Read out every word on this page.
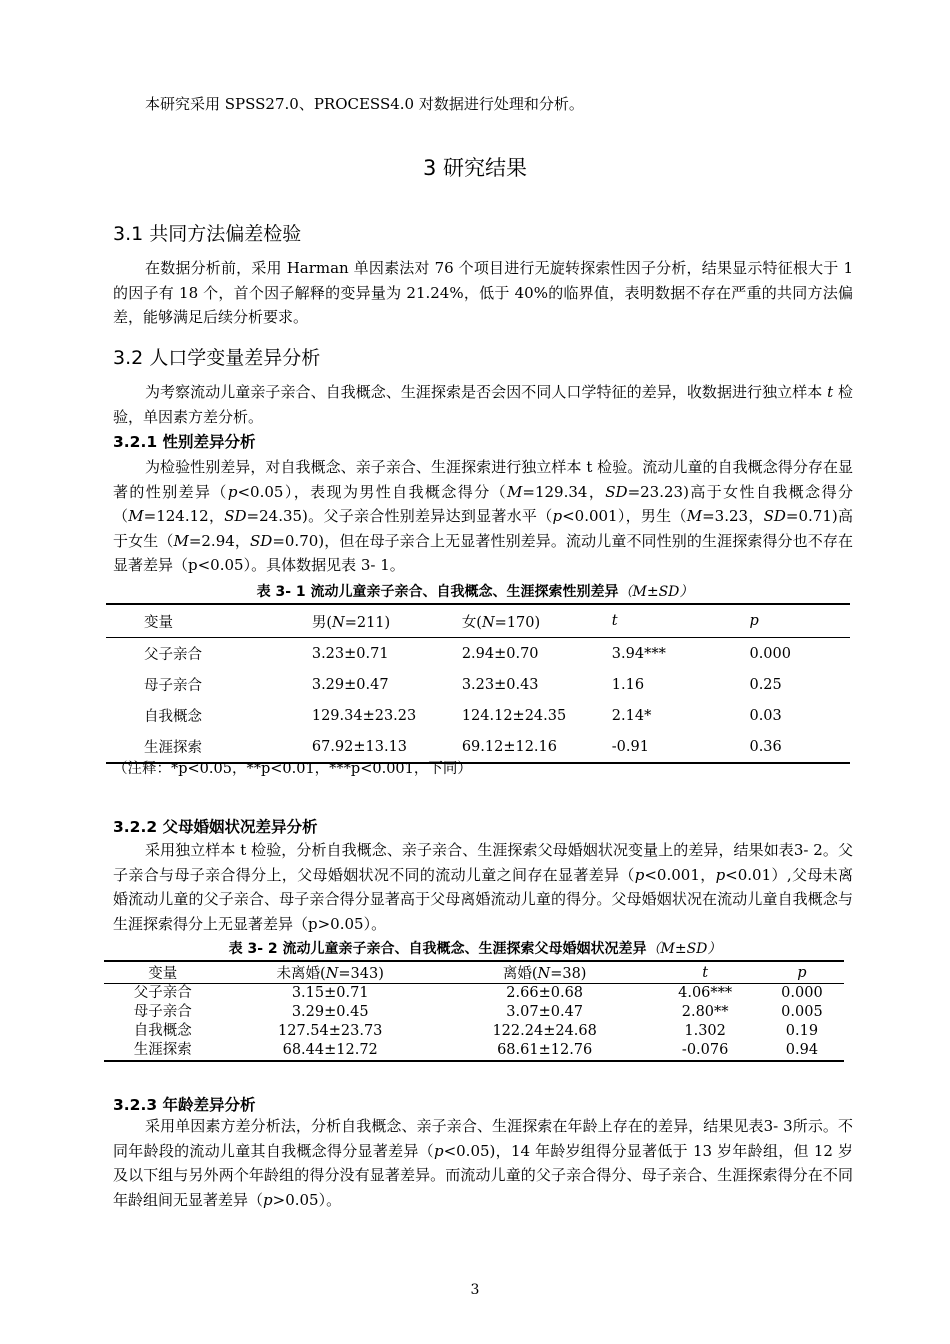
本研究采用 SPSS27.0、PROCESS4.0 对数据进行处理和分析。

3 研究结果
3.1 共同方法偏差检验

在数据分析前，采用 Harman 单因素法对 76 个项目进行无旋转探索性因子分析，结果显示特征根大于 1 的因子有 18 个，首个因子解释的变异量为 21.24%，低于 40%的临界值，表明数据不存在严重的共同方法偏差，能够满足后续分析要求。

3.2 人口学变量差异分析

为考察流动儿童亲子亲合、自我概念、生涯探索是否会因不同人口学特征的差异，收数据进行独立样本 t 检验，单因素方差分析。

3.2.1 性别差异分析

为检验性别差异，对自我概念、亲子亲合、生涯探索进行独立样本 t 检验。流动儿童的自我概念得分存在显著的性别差异（p<0.05），表现为男性自我概念得分（M=129.34，SD=23.23)高于女性自我概念得分（M=124.12，SD=24.35)。父子亲合性别差异达到显著水平（p<0.001），男生（M=3.23，SD=0.71)高于女生（M=2.94，SD=0.70)，但在母子亲合上无显著性别差异。流动儿童不同性别的生涯探索得分也不存在显著差异（p<0.05）。具体数据见表 3- 1。

表 3- 1 流动儿童亲子亲合、自我概念、生涯探索性别差异（M±SD）
变量	男(N=211)	女(N=170)	t	p
父子亲合	3.23±0.71	2.94±0.70	3.94***	0.000
母子亲合	3.29±0.47	3.23±0.43	1.16	0.25
自我概念	129.34±23.23	124.12±24.35	2.14*	0.03
生涯探索	67.92±13.13	69.12±12.16	-0.91	0.36
（注释：*p<0.05，**p<0.01，***p<0.001，下同）
3.2.2 父母婚姻状况差异分析

采用独立样本 t 检验，分析自我概念、亲子亲合、生涯探索父母婚姻状况变量上的差异，结果如表3- 2。父子亲合与母子亲合得分上，父母婚姻状况不同的流动儿童之间存在显著差异（p<0.001，p<0.01）,父母未离婚流动儿童的父子亲合、母子亲合得分显著高于父母离婚流动儿童的得分。父母婚姻状况在流动儿童自我概念与生涯探索得分上无显著差异（p>0.05）。

表 3- 2 流动儿童亲子亲合、自我概念、生涯探索父母婚姻状况差异（M±SD）
变量	未离婚(N=343)	离婚(N=38)	t	p
父子亲合	3.15±0.71	2.66±0.68	4.06***	0.000
母子亲合	3.29±0.45	3.07±0.47	2.80**	0.005
自我概念	127.54±23.73	122.24±24.68	1.302	0.19
生涯探索	68.44±12.72	68.61±12.76	-0.076	0.94
3.2.3 年龄差异分析

采用单因素方差分析法，分析自我概念、亲子亲合、生涯探索在年龄上存在的差异，结果见表3- 3所示。不同年龄段的流动儿童其自我概念得分显著差异（p<0.05)，14 年龄岁组得分显著低于 13 岁年龄组，但 12 岁及以下组与另外两个年龄组的得分没有显著差异。而流动儿童的父子亲合得分、母子亲合、生涯探索得分在不同年龄组间无显著差异（p>0.05）。

3
